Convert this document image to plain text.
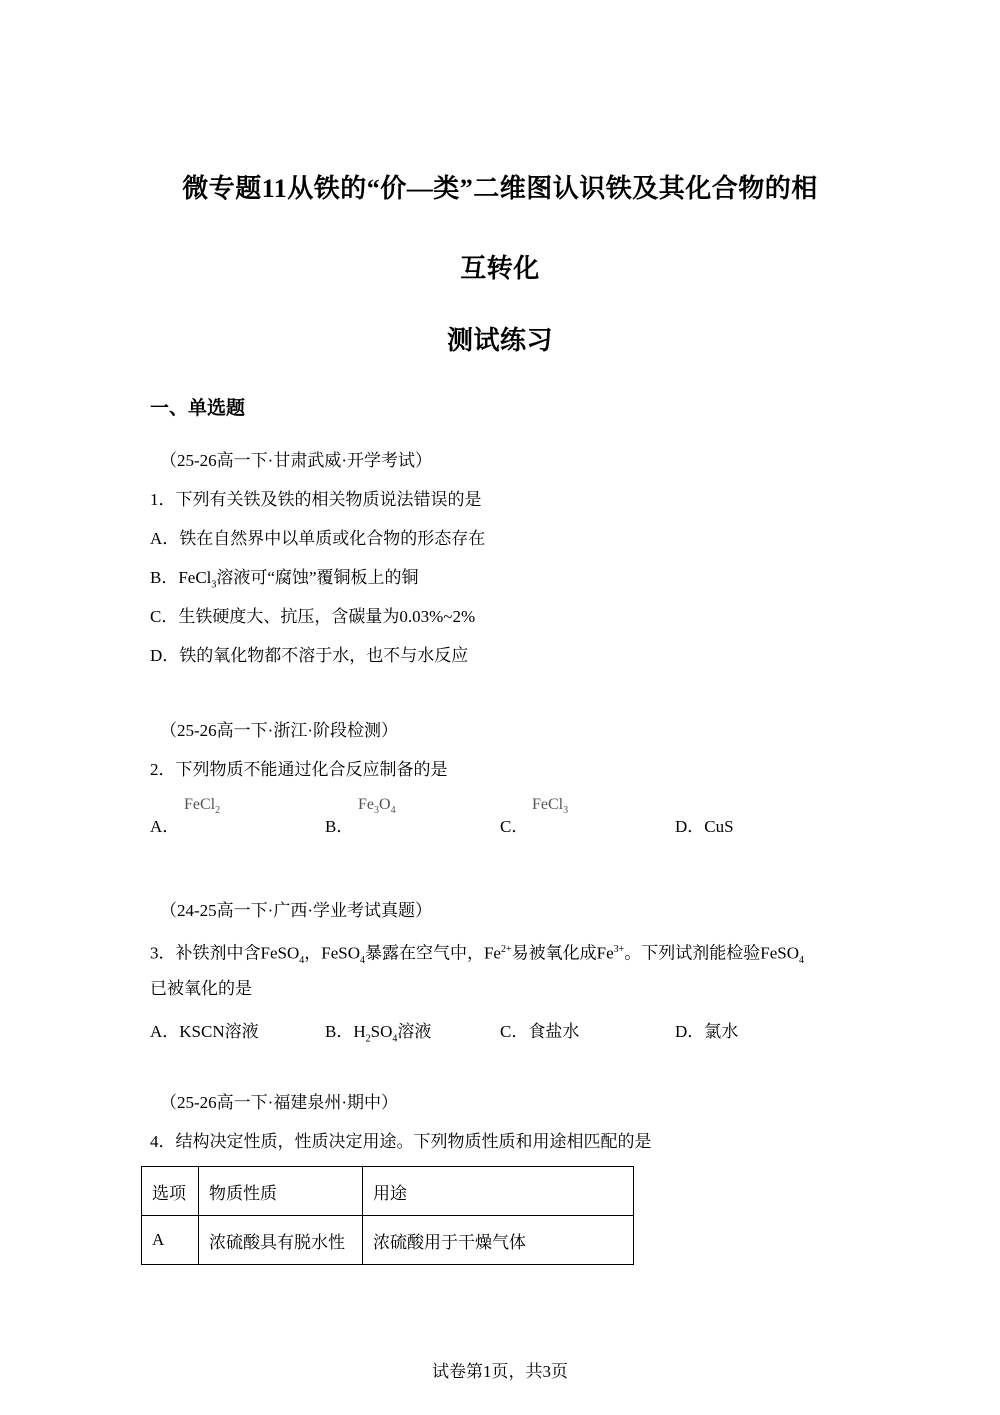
微专题11从铁的“价—类”二维图认识铁及其化合物的相
互转化
测试练习
一、单选题
（25-26高一下·甘肃武威·开学考试）
1．下列有关铁及铁的相关物质说法错误的是
A．铁在自然界中以单质或化合物的形态存在
B．FeCl$_3$溶液可“腐蚀”覆铜板上的铜
C．生铁硬度大、抗压，含碳量为0.03%~2%
D．铁的氧化物都不溶于水，也不与水反应
（25-26高一下·浙江·阶段检测）
2．下列物质不能通过化合反应制备的是
A．
FeCl$_2$
B．
$Fe_3O_4$
C．
FeCl$_3$
D．CuS
（24-25高一下·广西·学业考试真题）
3．补铁剂中含FeSO$_4$，FeSO$_4$暴露在空气中，$Fe^{2+}$易被氧化成$Fe^{3+}$。下列试剂能检验FeSO$_4$
已被氧化的是
A．KSCN溶液	B．$H_2SO_4$溶液	C．食盐水	D．氯水
（25-26高一下·福建泉州·期中）
4．结构决定性质，性质决定用途。下列物质性质和用途相匹配的是
选项	物质性质	用途
A	浓硫酸具有脱水性	浓硫酸用于干燥气体
试卷第1页，共3页
